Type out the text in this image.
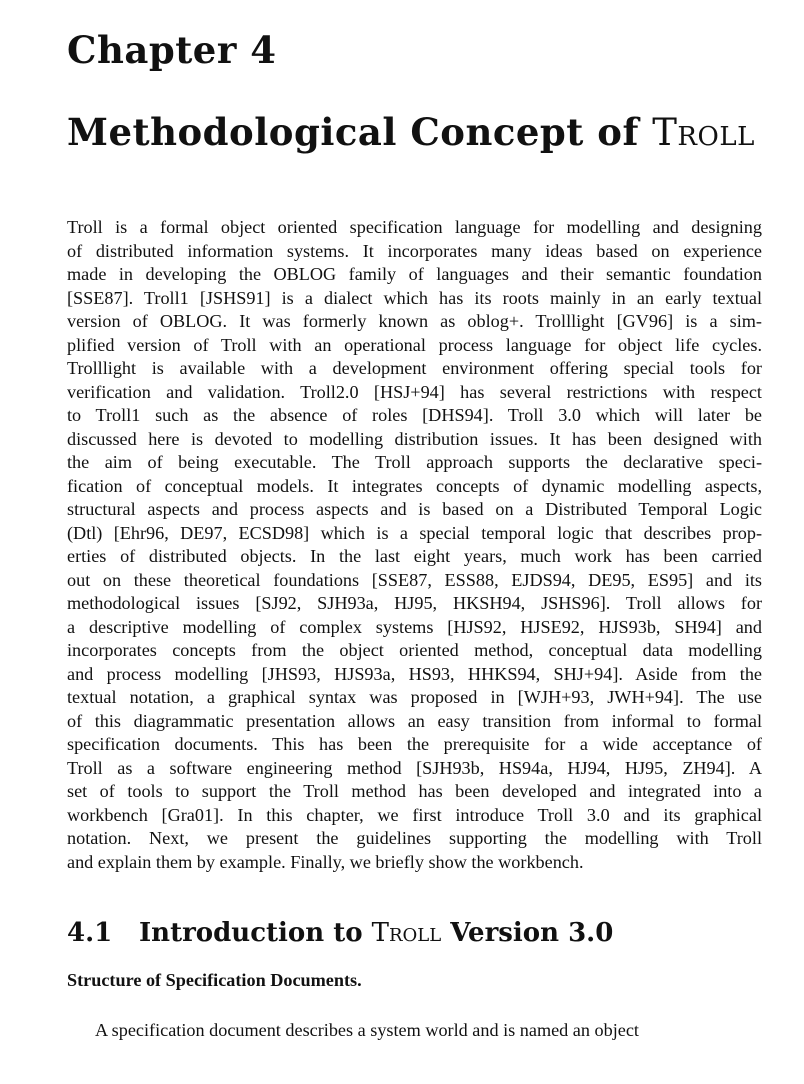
Chapter 4
Methodological Concept of Troll
Troll is a formal object oriented specification language for modelling and designing
of distributed information systems. It incorporates many ideas based on experience
made in developing the OBLOG family of languages and their semantic foundation
[SSE87]. Troll1 [JSHS91] is a dialect which has its roots mainly in an early textual
version of OBLOG. It was formerly known as oblog+. Trolllight [GV96] is a sim-
plified version of Troll with an operational process language for object life cycles.
Trolllight is available with a development environment offering special tools for
verification and validation. Troll2.0 [HSJ+94] has several restrictions with respect
to Troll1 such as the absence of roles [DHS94]. Troll 3.0 which will later be
discussed here is devoted to modelling distribution issues. It has been designed with
the aim of being executable. The Troll approach supports the declarative speci-
fication of conceptual models. It integrates concepts of dynamic modelling aspects,
structural aspects and process aspects and is based on a Distributed Temporal Logic
(Dtl) [Ehr96, DE97, ECSD98] which is a special temporal logic that describes prop-
erties of distributed objects. In the last eight years, much work has been carried
out on these theoretical foundations [SSE87, ESS88, EJDS94, DE95, ES95] and its
methodological issues [SJ92, SJH93a, HJ95, HKSH94, JSHS96]. Troll allows for
a descriptive modelling of complex systems [HJS92, HJSE92, HJS93b, SH94] and
incorporates concepts from the object oriented method, conceptual data modelling
and process modelling [JHS93, HJS93a, HS93, HHKS94, SHJ+94]. Aside from the
textual notation, a graphical syntax was proposed in [WJH+93, JWH+94]. The use
of this diagrammatic presentation allows an easy transition from informal to formal
specification documents. This has been the prerequisite for a wide acceptance of
Troll as a software engineering method [SJH93b, HS94a, HJ94, HJ95, ZH94]. A
set of tools to support the Troll method has been developed and integrated into a
workbench [Gra01]. In this chapter, we first introduce Troll 3.0 and its graphical
notation. Next, we present the guidelines supporting the modelling with Troll
and explain them by example. Finally, we briefly show the workbench.
4.1 Introduction to Troll Version 3.0
Structure of Specification Documents.
A specification document describes a system world and is named an object
